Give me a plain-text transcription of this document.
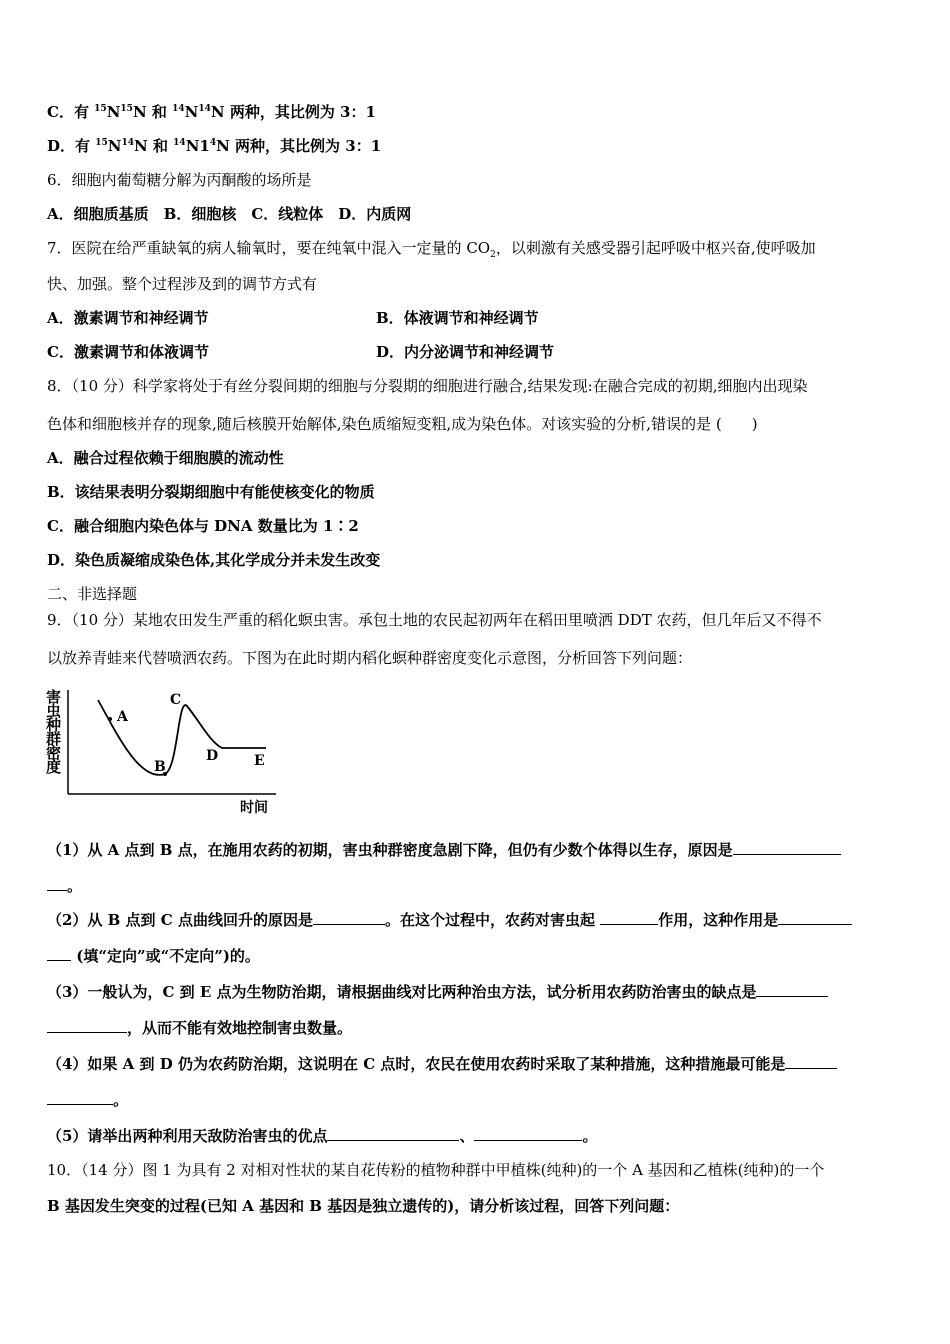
C．有 $^{15}N^{15}N$ 和 $^{14}N^{14}N$ 两种，其比例为 3：1
D．有 $^{15}N^{14}N$ 和 $^{14}N1^4N$ 两种，其比例为 3：1
6．细胞内葡萄糖分解为丙酮酸的场所是
A．细胞质基质　B．细胞核　C．线粒体　D．内质网
7．医院在给严重缺氧的病人输氧时，要在纯氧中混入一定量的 $CO_2$，以刺激有关感受器引起呼吸中枢兴奋,使呼吸加
快、加强。整个过程涉及到的调节方式有
A．激素调节和神经调节	B．体液调节和神经调节
C．激素调节和体液调节	D．内分泌调节和神经调节
8．（10 分）科学家将处于有丝分裂间期的细胞与分裂期的细胞进行融合,结果发现:在融合完成的初期,细胞内出现染
色体和细胞核并存的现象,随后核膜开始解体,染色质缩短变粗,成为染色体。对该实验的分析,错误的是 (　　)
A．融合过程依赖于细胞膜的流动性
B．该结果表明分裂期细胞中有能使核变化的物质
C．融合细胞内染色体与 DNA 数量比为 1∶2
D．染色质凝缩成染色体,其化学成分并未发生改变
二、非选择题
9．（10 分）某地农田发生严重的稻化螟虫害。承包土地的农民起初两年在稻田里喷洒 DDT 农药，但几年后又不得不
以放养青蛙来代替喷洒农药。下图为在此时期内稻化螟种群密度变化示意图，分析回答下列问题：
害
虫
种
群
密
度
A
B
C
D	E
时间
（1）从 A 点到 B 点，在施用农药的初期，害虫种群密度急剧下降，但仍有少数个体得以生存，原因是
。
（2）从 B 点到 C 点曲线回升的原因是	。在这个过程中，农药对害虫起	作用，这种作用是
(填“定向”或“不定向”)的。
（3）一般认为，C 到 E 点为生物防治期，请根据曲线对比两种治虫方法，试分析用农药防治害虫的缺点是
，从而不能有效地控制害虫数量。
（4）如果 A 到 D 仍为农药防治期，这说明在 C 点时，农民在使用农药时采取了某种措施，这种措施最可能是
。
（5）请举出两种利用天敌防治害虫的优点	、	。
10．（14 分）图 1 为具有 2 对相对性状的某自花传粉的植物种群中甲植株(纯种)的一个 A 基因和乙植株(纯种)的一个
B 基因发生突变的过程(已知 A 基因和 B 基因是独立遗传的)，请分析该过程，回答下列问题：
